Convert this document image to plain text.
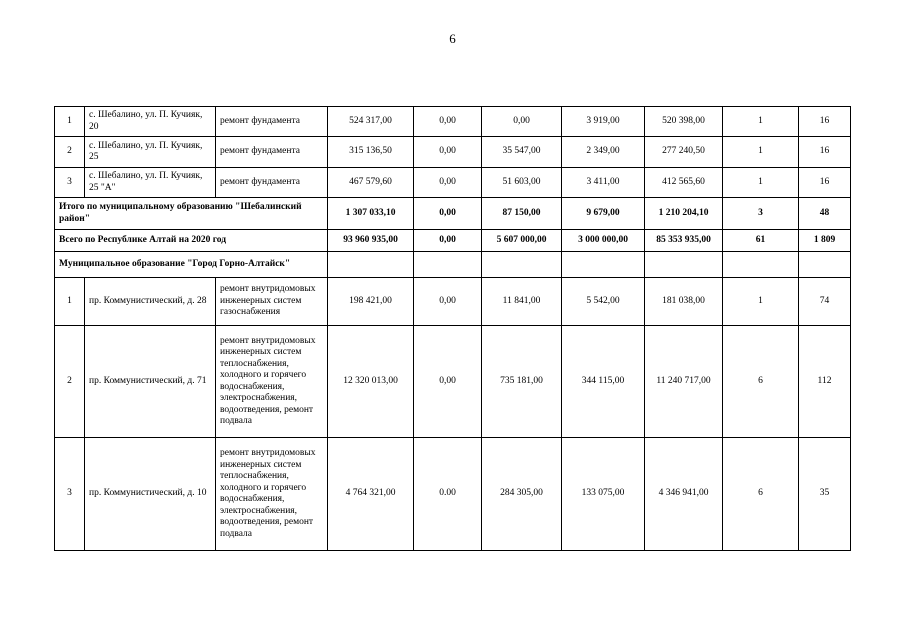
6
1	с. Шебалино, ул. П. Кучияк, 20	ремонт фундамента	524 317,00	0,00	0,00	3 919,00	520 398,00	1	16
2	с. Шебалино, ул. П. Кучияк, 25	ремонт фундамента	315 136,50	0,00	35 547,00	2 349,00	277 240,50	1	16
3	с. Шебалино, ул. П. Кучияк, 25 "А"	ремонт фундамента	467 579,60	0,00	51 603,00	3 411,00	412 565,60	1	16
Итого по муниципальному образованию "Шебалинский район"			1 307 033,10	0,00	87 150,00	9 679,00	1 210 204,10	3	48
Всего по Республике Алтай на 2020 год			93 960 935,00	0,00	5 607 000,00	3 000 000,00	85 353 935,00	61	1 809
Муниципальное образование "Город Горно-Алтайск"									
1	пр. Коммунистический, д. 28	ремонт внутридомовых инженерных систем газоснабжения	198 421,00	0,00	11 841,00	5 542,00	181 038,00	1	74
2	пр. Коммунистический, д. 71	ремонт внутридомовых инженерных систем теплоснабжения, холодного и горячего водоснабжения, электроснабжения, водоотведения, ремонт подвала	12 320 013,00	0,00	735 181,00	344 115,00	11 240 717,00	6	112
3	пр. Коммунистический, д. 10	ремонт внутридомовых инженерных систем теплоснабжения, холодного и горячего водоснабжения, электроснабжения, водоотведения, ремонт подвала	4 764 321,00	0.00	284 305,00	133 075,00	4 346 941,00	6	35
